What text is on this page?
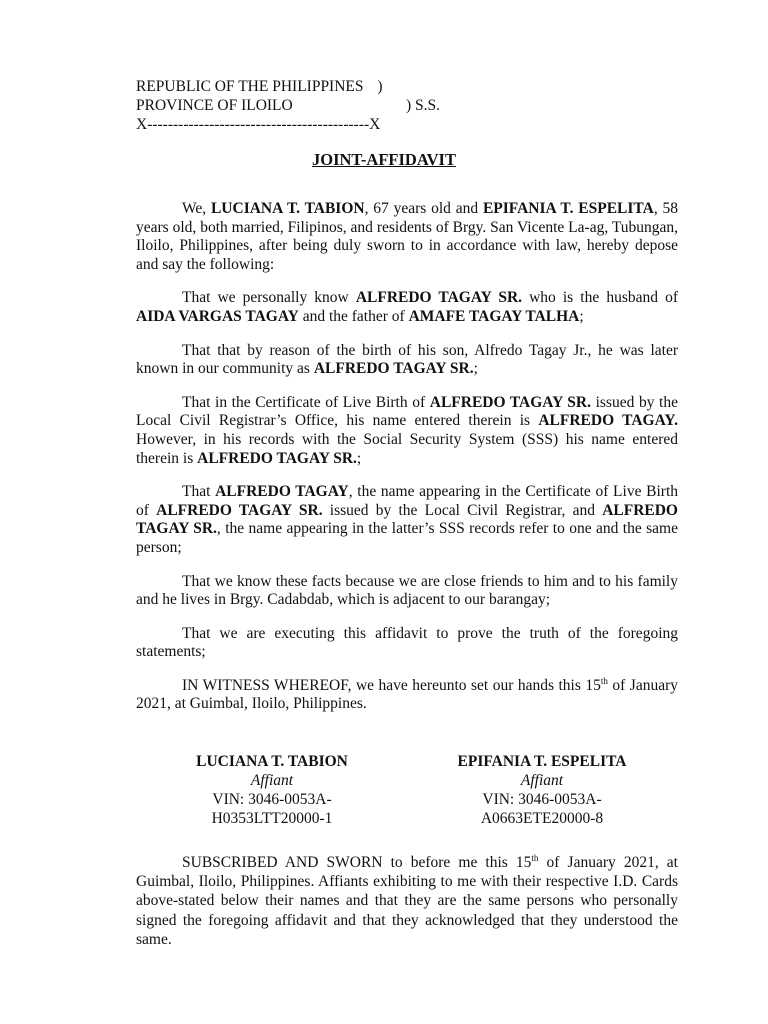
REPUBLIC OF THE PHILIPPINES )
PROVINCE OF ILOILO	) S.S.
X-------------------------------------------X
JOINT-AFFIDAVIT

We, LUCIANA T. TABION, 67 years old and EPIFANIA T. ESPELITA, 58 years old, both married, Filipinos, and residents of Brgy. San Vicente La-ag, Tubungan, Iloilo, Philippines, after being duly sworn to in accordance with law, hereby depose and say the following:

That we personally know ALFREDO TAGAY SR. who is the husband of AIDA VARGAS TAGAY and the father of AMAFE TAGAY TALHA;

That that by reason of the birth of his son, Alfredo Tagay Jr., he was later known in our community as ALFREDO TAGAY SR.;

That in the Certificate of Live Birth of ALFREDO TAGAY SR. issued by the Local Civil Registrar’s Office, his name entered therein is ALFREDO TAGAY. However, in his records with the Social Security System (SSS) his name entered therein is ALFREDO TAGAY SR.;

That ALFREDO TAGAY, the name appearing in the Certificate of Live Birth of ALFREDO TAGAY SR. issued by the Local Civil Registrar, and ALFREDO TAGAY SR., the name appearing in the latter’s SSS records refer to one and the same person;

That we know these facts because we are close friends to him and to his family and he lives in Brgy. Cadabdab, which is adjacent to our barangay;

That we are executing this affidavit to prove the truth of the foregoing statements;

IN WITNESS WHEREOF, we have hereunto set our hands this 15th of January 2021, at Guimbal, Iloilo, Philippines.

LUCIANA T. TABION
Affiant
VIN: 3046-0053A-
H0353LTT20000-1
EPIFANIA T. ESPELITA
Affiant
VIN: 3046-0053A-
A0663ETE20000-8

SUBSCRIBED AND SWORN to before me this 15th of January 2021, at Guimbal, Iloilo, Philippines. Affiants exhibiting to me with their respective I.D. Cards above-stated below their names and that they are the same persons who personally signed the foregoing affidavit and that they acknowledged that they understood the same.
